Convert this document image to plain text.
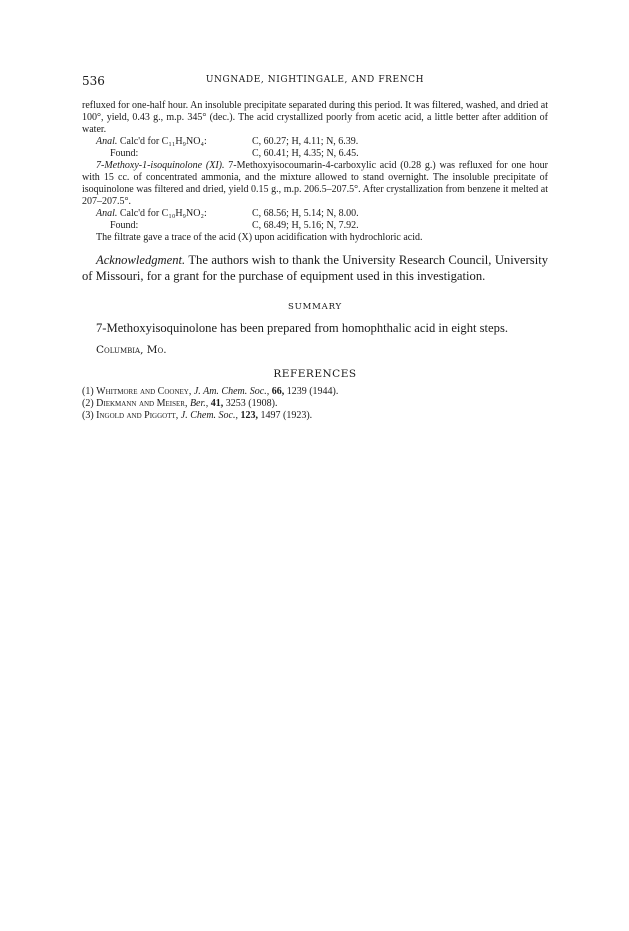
536	UNGNADE, NIGHTINGALE, AND FRENCH

refluxed for one-half hour. An insoluble precipitate separated during this period. It was filtered, washed, and dried at 100°, yield, 0.43 g., m.p. 345° (dec.). The acid crystallized poorly from acetic acid, a little better after addition of water.

Anal. Calc'd for C₁₁H₉NO₄:	C, 60.27; H, 4.11; N, 6.39.
Found:	C, 60.41; H, 4.35; N, 6.45.

7-Methoxy-1-isoquinolone (XI). 7-Methoxyisocoumarin-4-carboxylic acid (0.28 g.) was refluxed for one hour with 15 cc. of concentrated ammonia, and the mixture allowed to stand overnight. The insoluble precipitate of isoquinolone was filtered and dried, yield 0.15 g., m.p. 206.5–207.5°. After crystallization from benzene it melted at 207–207.5°.

Anal. Calc'd for C₁₀H₉NO₂:	C, 68.56; H, 5.14; N, 8.00.
Found:	C, 68.49; H, 5.16; N, 7.92.

The filtrate gave a trace of the acid (X) upon acidification with hydrochloric acid.

Acknowledgment. The authors wish to thank the University Research Council, University of Missouri, for a grant for the purchase of equipment used in this investigation.

SUMMARY

7-Methoxyisoquinolone has been prepared from homophthalic acid in eight steps.

Columbia, Mo.

REFERENCES

(1) Whitmore and Cooney, J. Am. Chem. Soc., 66, 1239 (1944).

(2) Diekmann and Meiser, Ber., 41, 3253 (1908).

(3) Ingold and Piggott, J. Chem. Soc., 123, 1497 (1923).
